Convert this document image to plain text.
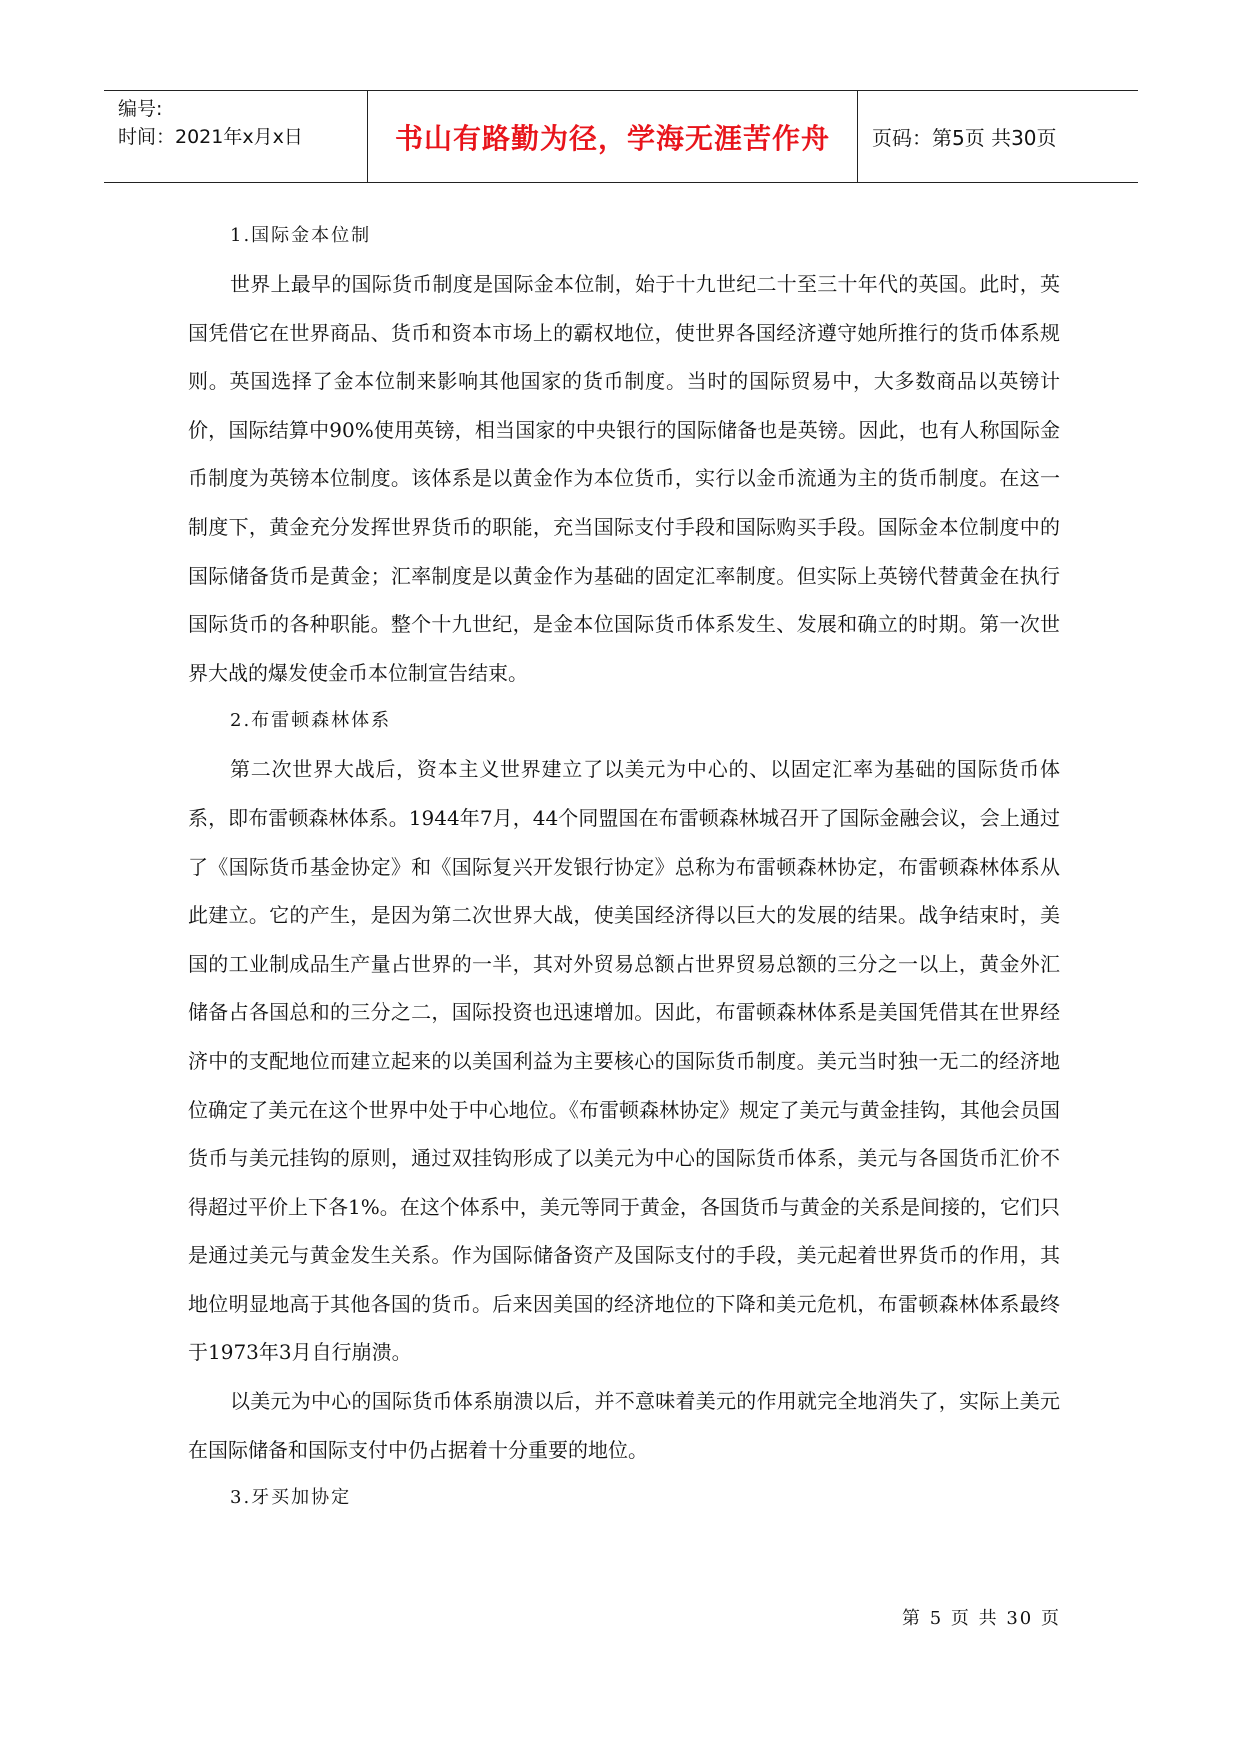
编号:
时间：2021年x月x日	书山有路勤为径，学海无涯苦作舟	页码：第5页 共30页
1.国际金本位制

世界上最早的国际货币制度是国际金本位制，始于十九世纪二十至三十年代的英国。此时，英国凭借它在世界商品、货币和资本市场上的霸权地位，使世界各国经济遵守她所推行的货币体系规则。英国选择了金本位制来影响其他国家的货币制度。当时的国际贸易中，大多数商品以英镑计价，国际结算中90%使用英镑，相当国家的中央银行的国际储备也是英镑。因此，也有人称国际金币制度为英镑本位制度。该体系是以黄金作为本位货币，实行以金币流通为主的货币制度。在这一制度下，黄金充分发挥世界货币的职能，充当国际支付手段和国际购买手段。国际金本位制度中的国际储备货币是黄金；汇率制度是以黄金作为基础的固定汇率制度。但实际上英镑代替黄金在执行国际货币的各种职能。整个十九世纪，是金本位国际货币体系发生、发展和确立的时期。第一次世界大战的爆发使金币本位制宣告结束。

2.布雷顿森林体系

第二次世界大战后，资本主义世界建立了以美元为中心的、以固定汇率为基础的国际货币体系，即布雷顿森林体系。1944年7月，44个同盟国在布雷顿森林城召开了国际金融会议，会上通过了《国际货币基金协定》和《国际复兴开发银行协定》总称为布雷顿森林协定，布雷顿森林体系从此建立。它的产生，是因为第二次世界大战，使美国经济得以巨大的发展的结果。战争结束时，美国的工业制成品生产量占世界的一半，其对外贸易总额占世界贸易总额的三分之一以上，黄金外汇储备占各国总和的三分之二，国际投资也迅速增加。因此，布雷顿森林体系是美国凭借其在世界经济中的支配地位而建立起来的以美国利益为主要核心的国际货币制度。美元当时独一无二的经济地位确定了美元在这个世界中处于中心地位。《布雷顿森林协定》规定了美元与黄金挂钩，其他会员国货币与美元挂钩的原则，通过双挂钩形成了以美元为中心的国际货币体系，美元与各国货币汇价不得超过平价上下各1%。在这个体系中，美元等同于黄金，各国货币与黄金的关系是间接的，它们只是通过美元与黄金发生关系。作为国际储备资产及国际支付的手段，美元起着世界货币的作用，其地位明显地高于其他各国的货币。后来因美国的经济地位的下降和美元危机，布雷顿森林体系最终于1973年3月自行崩溃。

以美元为中心的国际货币体系崩溃以后，并不意味着美元的作用就完全地消失了，实际上美元在国际储备和国际支付中仍占据着十分重要的地位。

3.牙买加协定
第 5 页 共 30 页
